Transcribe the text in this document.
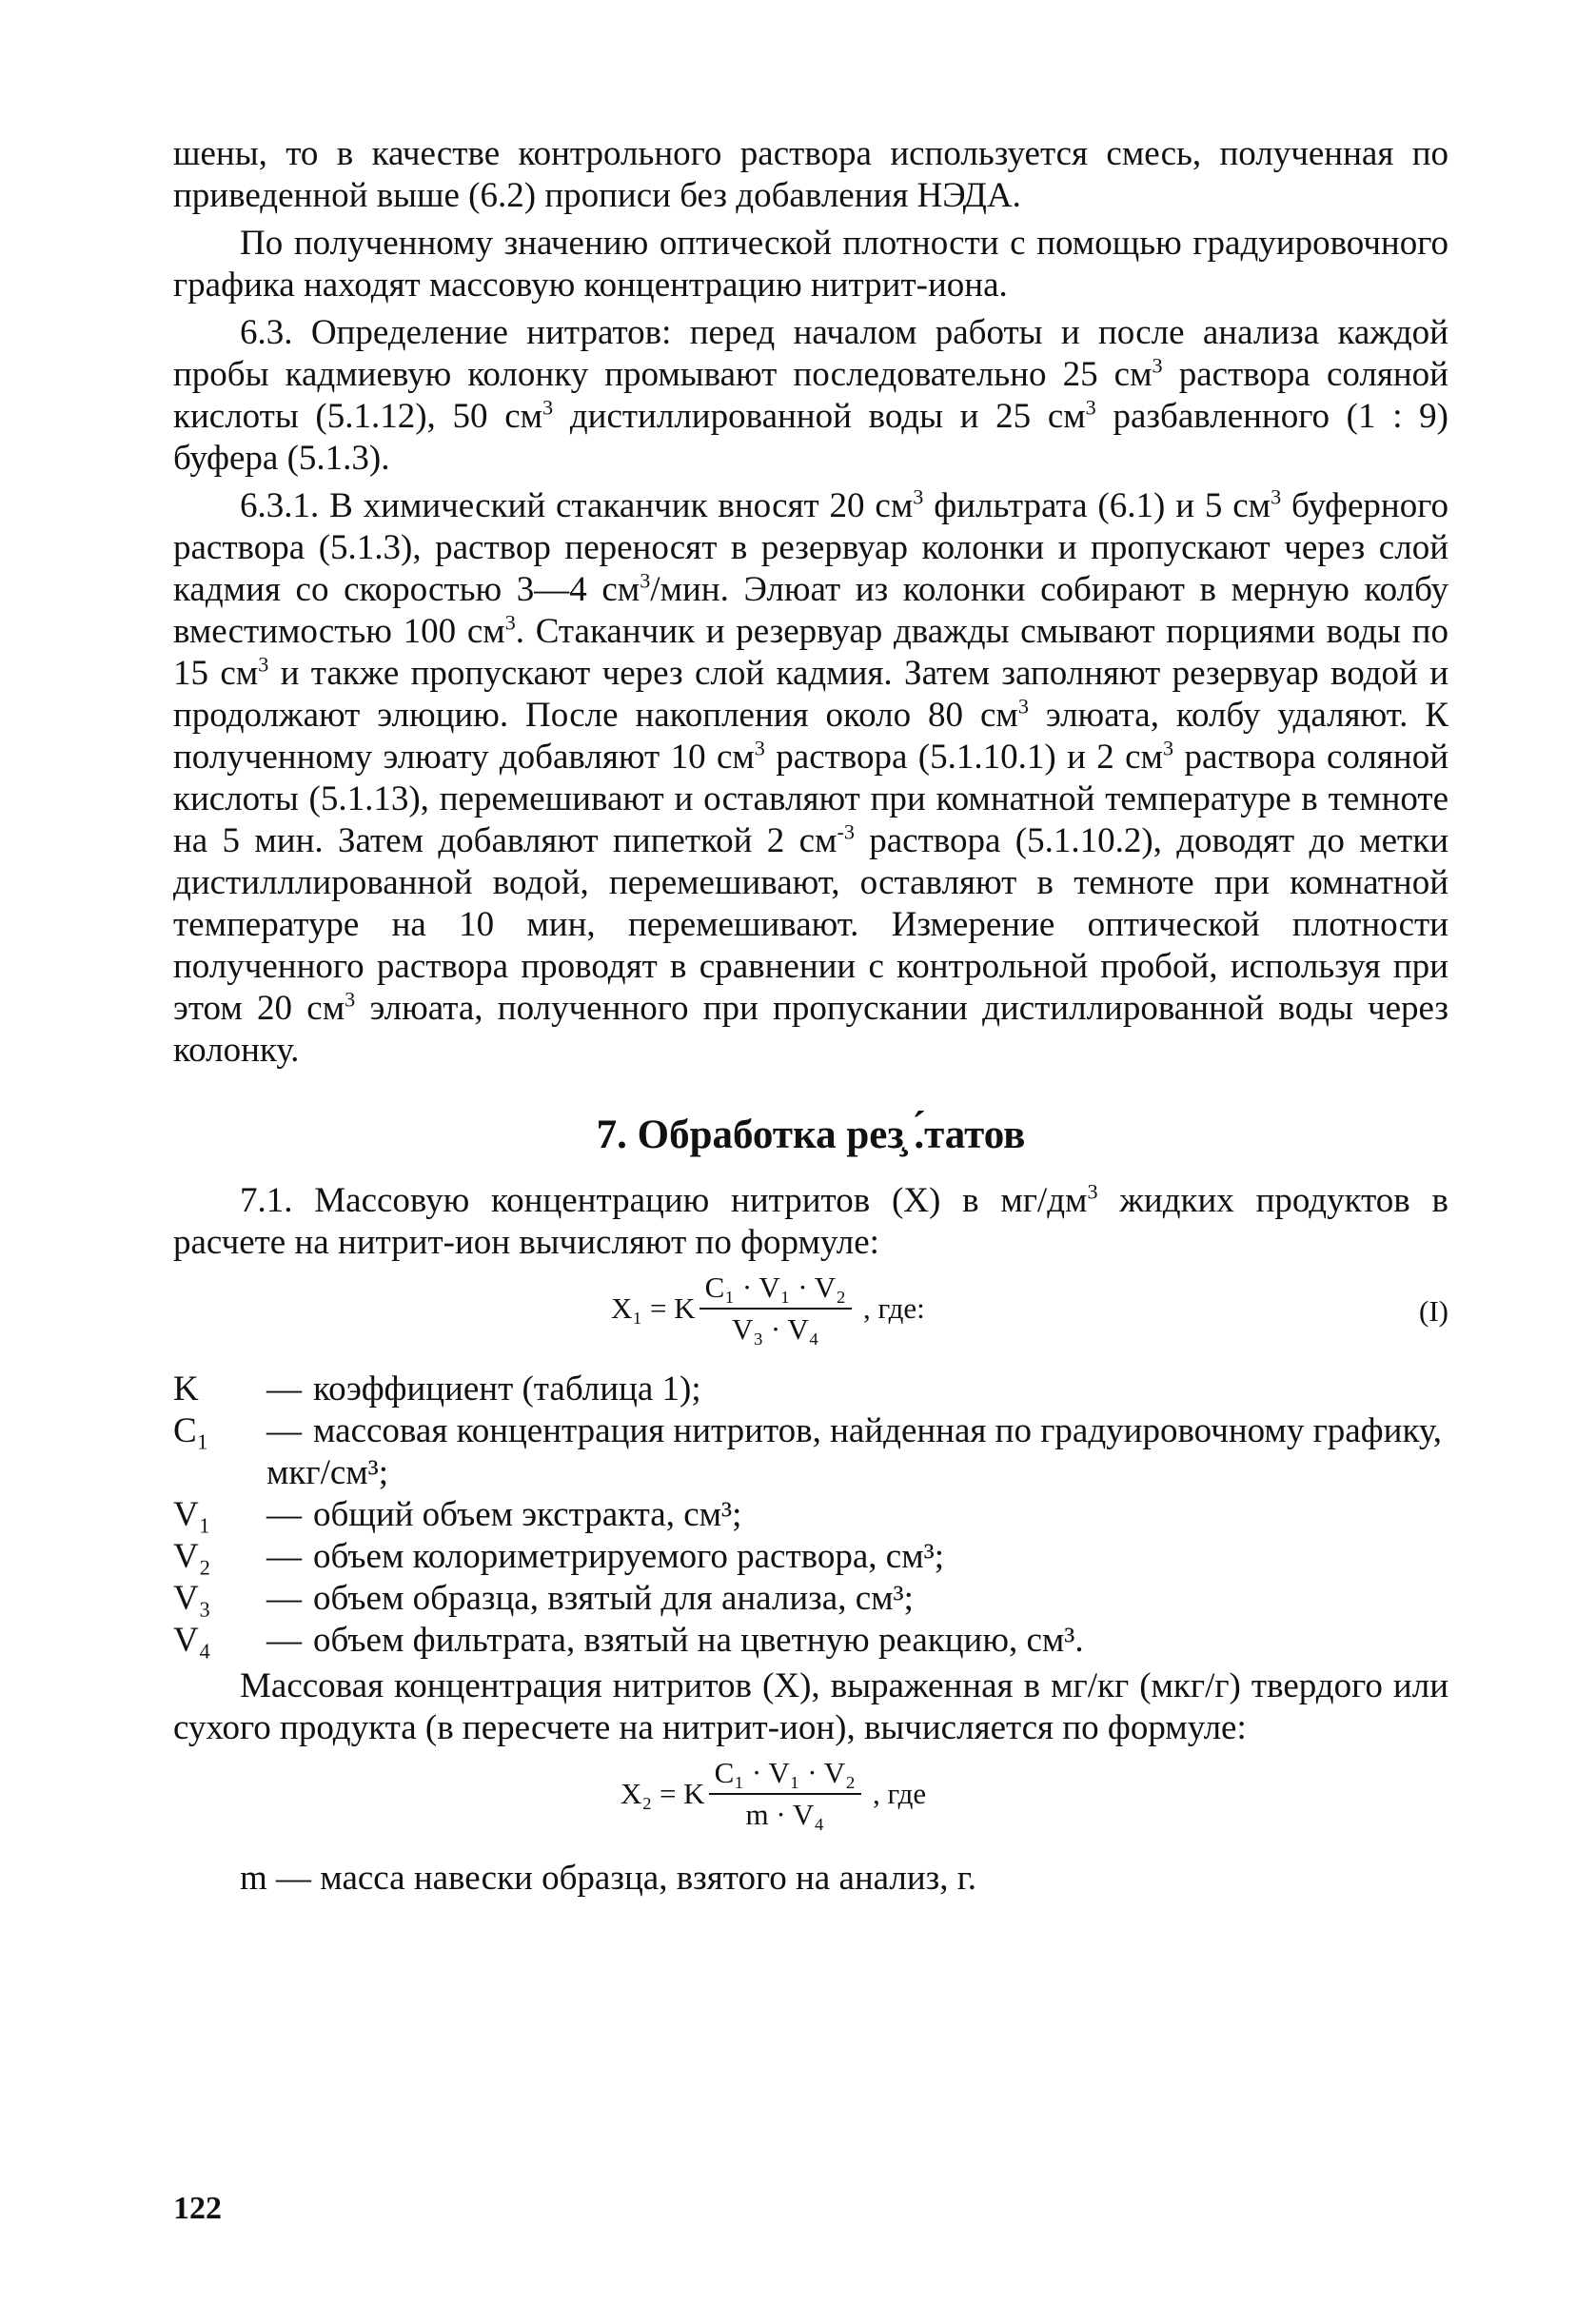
шены, то в качестве контрольного раствора используется смесь, полученная по приведенной выше (6.2) прописи без добавления НЭДА.

По полученному значению оптической плотности с помощью градуировочного графика находят массовую концентрацию нитрит-иона.

6.3. Определение нитратов: перед началом работы и после анализа каждой пробы кадмиевую колонку промывают последовательно 25 $см^3$ раствора соляной кислоты (5.1.12), 50 $см^3$ дистиллированной воды и 25 $см^3$ разбавленного (1 : 9) буфера (5.1.3).

6.3.1. В химический стаканчик вносят 20 $см^3$ фильтрата (6.1) и 5 $см^3$ буферного раствора (5.1.3), раствор переносят в резервуар колонки и пропускают через слой кадмия со скоростью 3—4 $см^3$/мин. Элюат из колонки собирают в мерную колбу вместимостью 100 $см^3$. Стаканчик и резервуар дважды смывают порциями воды по 15 $см^3$ и также пропускают через слой кадмия. Затем заполняют резервуар водой и продолжают элюцию. После накопления около 80 $см^3$ элюата, колбу удаляют. К полученному элюату добавляют 10 $см^3$ раствора (5.1.10.1) и 2 $см^3$ раствора соляной кислоты (5.1.13), перемешивают и оставляют при комнатной температуре в темноте на 5 мин. Затем добавляют пипеткой 2 $см^{-3}$ раствора (5.1.10.2), доводят до метки дистилллированной водой, перемешивают, оставляют в темноте при комнатной температуре на 10 мин, перемешивают. Измерение оптической плотности полученного раствора проводят в сравнении с контрольной пробой, используя при этом 20 $см^3$ элюата, полученного при пропускании дистиллированной воды через колонку.

7. Обработка рез̧ .́татов

7.1. Массовую концентрацию нитритов (X) в $мг/дм^3$ жидких продуктов в расчете на нитрит-ион вычисляют по формуле:

X₁ = K $\frac{\text{C₁ · V₁ · V₂}}{\text{V₃ · V₄}}$ , где:	(I)
K	— коэффициент (таблица 1);
C₁	— массовая концентрация нитритов, найденная по градуировочному графику, мкг/см³;
V₁	— общий объем экстракта, см³;
V₂	— объем колориметрируемого раствора, см³;
V₃	— объем образца, взятый для анализа, см³;
V₄	— объем фильтрата, взятый на цветную реакцию, см³.

Массовая концентрация нитритов (X), выраженная в мг/кг (мкг/г) твердого или сухого продукта (в пересчете на нитрит-ион), вычисляется по формуле:

X₂ = K $\frac{\text{C₁ · V₁ · V₂}}{\text{m · V₄}}$ , где

m — масса навески образца, взятого на анализ, г.

122
